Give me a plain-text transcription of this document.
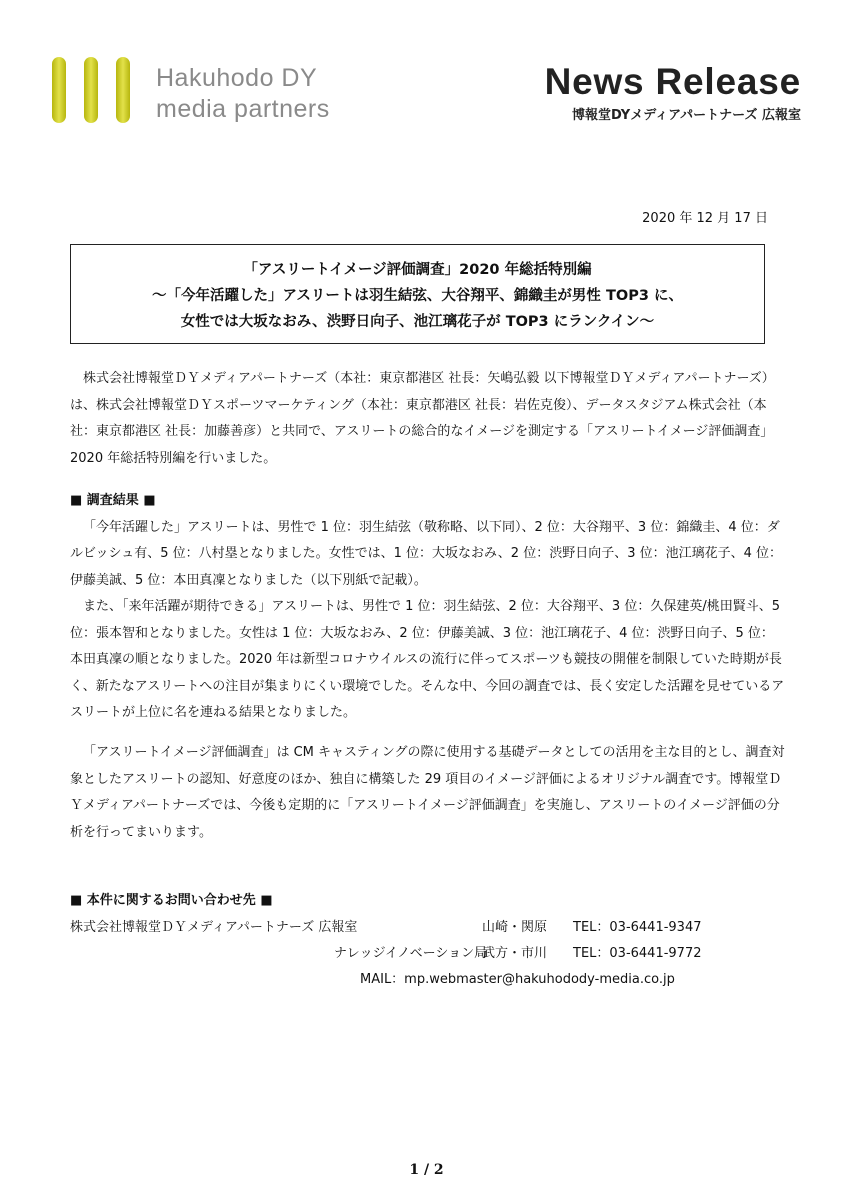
Hakuhodo DY
media partners
News Release
博報堂DYメディアパートナーズ 広報室
2020 年 12 月 17 日
「アスリートイメージ評価調査」2020 年総括特別編
～「今年活躍した」アスリートは羽生結弦、大谷翔平、錦織圭が男性 TOP3 に、
女性では大坂なおみ、渋野日向子、池江璃花子が TOP3 にランクイン～

株式会社博報堂ＤＹメディアパートナーズ（本社：東京都港区 社長：矢嶋弘毅 以下博報堂ＤＹメディアパートナーズ）は、株式会社博報堂ＤＹスポーツマーケティング（本社：東京都港区 社長：岩佐克俊）、データスタジアム株式会社（本社：東京都港区 社長：加藤善彦）と共同で、アスリートの総合的なイメージを測定する「アスリートイメージ評価調査」2020 年総括特別編を行いました。

■ 調査結果 ■

「今年活躍した」アスリートは、男性で 1 位：羽生結弦（敬称略、以下同）、2 位：大谷翔平、3 位：錦織圭、4 位：ダルビッシュ有、5 位：八村塁となりました。女性では、1 位：大坂なおみ、2 位：渋野日向子、3 位：池江璃花子、4 位：伊藤美誠、5 位：本田真凜となりました（以下別紙で記載）。

また、「来年活躍が期待できる」アスリートは、男性で 1 位：羽生結弦、2 位：大谷翔平、3 位：久保建英/桃田賢斗、5 位：張本智和となりました。女性は 1 位：大坂なおみ、2 位：伊藤美誠、3 位：池江璃花子、4 位：渋野日向子、5 位：本田真凜の順となりました。2020 年は新型コロナウイルスの流行に伴ってスポーツも競技の開催を制限していた時期が長く、新たなアスリートへの注目が集まりにくい環境でした。そんな中、今回の調査では、長く安定した活躍を見せているアスリートが上位に名を連ねる結果となりました。

「アスリートイメージ評価調査」は CM キャスティングの際に使用する基礎データとしての活用を主な目的とし、調査対象としたアスリートの認知、好意度のほか、独自に構築した 29 項目のイメージ評価によるオリジナル調査です。博報堂ＤＹメディアパートナーズでは、今後も定期的に「アスリートイメージ評価調査」を実施し、アスリートのイメージ評価の分析を行ってまいります。

■ 本件に関するお問い合わせ先 ■

株式会社博報堂ＤＹメディアパートナーズ 広報室	山崎・関原 TEL：03-6441-9347
ナレッジイノベーション局
武方・市川 TEL：03-6441-9772
MAIL：mp.webmaster@hakuhodody-media.co.jp
1 / 2
